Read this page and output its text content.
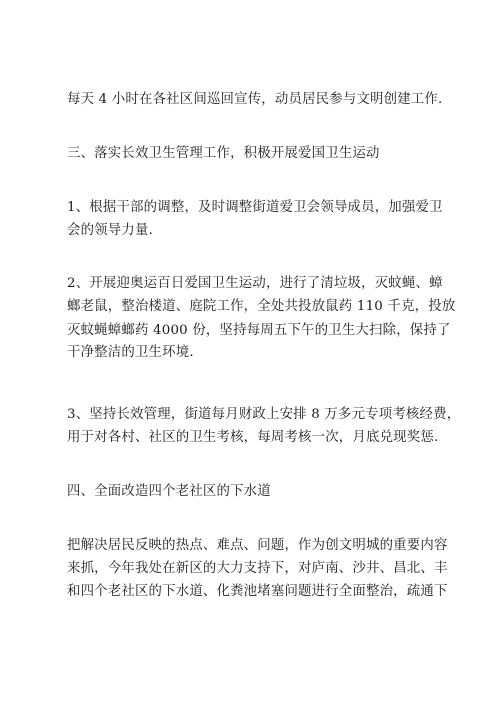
每天 4 小时在各社区间巡回宣传，动员居民参与文明创建工作.
三、落实长效卫生管理工作，积极开展爱国卫生运动
1、根据干部的调整，及时调整街道爱卫会领导成员，加强爱卫
会的领导力量.
2、开展迎奥运百日爱国卫生运动，进行了清垃圾，灭蚊蝇、蟑
螂老鼠，整治楼道、庭院工作，全处共投放鼠药 110 千克，投放
灭蚊蝇蟑螂药 4000 份，坚持每周五下午的卫生大扫除，保持了
干净整洁的卫生环境.
3、坚持长效管理，街道每月财政上安排 8 万多元专项考核经费，
用于对各村、社区的卫生考核，每周考核一次，月底兑现奖惩.
四、全面改造四个老社区的下水道
把解决居民反映的热点、难点、问题，作为创文明城的重要内容
来抓，今年我处在新区的大力支持下，对庐南、沙井、昌北、丰
和四个老社区的下水道、化粪池堵塞问题进行全面整治，疏通下
